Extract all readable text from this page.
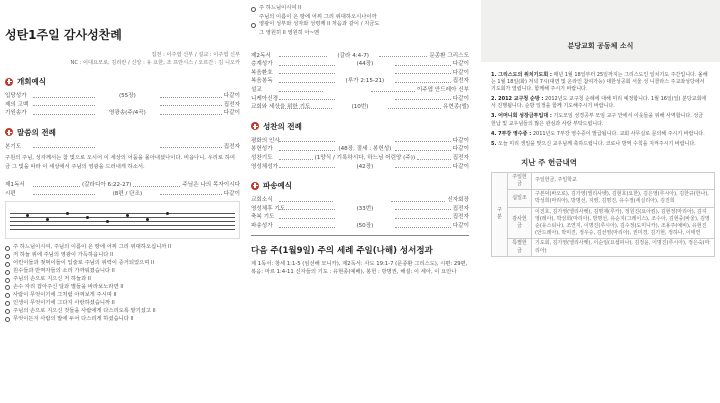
성탄1주일 감사성찬례
집전 : 이주엽 신부 / 설교 : 이주엽 신부
NC : 이대요모로, 김리란 / 신앙 : 유 요한, 조 프란시스 / 오르간 : 김 니오카
개회예식
입당성가	(55장)	다같이
제의 고백	집전자
기원송가	영광송(주/4곡)	다같이
말씀의 전례
본기도	집전자
구원의 주님, 성자께서는 참 빛으로 오시어 이 세상의 어둠을 몰아내셨나이다. 비옵나니, 우리로 하여금 그 빛을 따라 이 세상에서 주님의 영광을 드러내게 하소서.
제1독서	(갈라디아 6:22-27)	주님은 나의 목자이시다
시편	(8편 / 단조)	다같이
주 하느님이시여, 주님의 이름이 온 땅에 어찌 그리 위대하오십니까 ll
저 하늘 위에 주님의 영광이 가득하옵니다 ll
어린이들과 젖먹이들이 입술로 주님의 위력이 증거되었으며 ll
원수들과 반역자들의 소리 가까워졌습니다 ll
주님의 손으로 지으신 저 하늘과 ll
손수 자리 잡아주신 달과 별들을 바라보노라면 ll
사람이 무엇이기에 그처럼 아껴보게 주시며 ll
인생이 무엇이기에 그다지 사랑하셨습니까 ll
주님의 손으로 지으신 것들을 사람에게 다스리도록 맡기셨고 ll
무엇이든지 사람의 발에 두어 다스리게 하셨습니다 ll
주 하느님이시여 ll
주님의 이름이 온 땅에 어찌 그리 위대하오시나이까
영광이 성부와 성자와 성령께 ll 처음과 같이 / 지금도
그 영원히 ll 영원히 아~멘
제2독서	(갈라 4:4-7)	문종환 그리스도
층계성가	(44장)	다같이
복음환호	다같이
복음봉독	(루가 2:15-21)	집전자
설교	이주엽 안드레아 신부
니케아신경	다같이
교회와 세상을 위한 기도	(10번)	유현종(엘)
성찬의 전례
평화의 인사	다같이
봉헌성가	(48장, 절세 : 봉헌성)	다같이
성찬기도	(1양식 / 기록하시다, 하느님 어린양 (주))	집전자
영성체성가	(42장)	다같이
파송예식
교회소식	신자회장
영성체후 기도	(33번)	집전자
축복 기도	집전자
파송성가	(50장)	다같이
다음 주(1월9일) 주의 세례 주일(나해) 성서정과
제 1독서: 창세 1:1-5 (임선해 모니카), 제2독서: 사도 19:1-7 (문종환 그리스도), 시편: 29편, 복음: 마르 1:4-11 신자들의 기도 : 유현종(예배), 봉헌 : 방명권, 해설: 이 세아, 이 요안나
분당교회 공동체 소식

1. 그리스도의 위치기도회 : 매년 1월 18일부터 25일까지는 그리스도인 일치기도 주간입니다. 올해는 1월 18일(화) 저녁 7시(대면 및 온라인 참여가능) 대한성공회 서울 성 니콜라스 주교좌성당에서 기도회가 열립니다. 함께해 주시기 바랍니다.

2. 2012 교구청 순방 : 2012년도 교구청 순례에 대해 미리 예정합니다. 1월 16일(일) 분당교회에서 진행됩니다. 순방 일정을 함께 기도해주시기 바랍니다.

3. 어머니회 성장금투입대 : 기도모임 성경공부 모임 교구 안에서 이웃들을 위해 사역합니다. 성금 헌납 및 교우님들의 많은 관심과 사랑 부탁드립니다.

4. 7부강 영수증 : 2011년도 7부강 영수증이 발급됩니다. 교회 사무실로 문의해 주시기 바랍니다.

5. 오늘 미리 생일을 맞으신 교우님께 축하드립니다. 코로나 방역 수칙을 지켜주시기 바랍니다.

지난 주 헌금내역
구분	주일헌금	주일헌금, 주일학교
	십일조	구본덕(바오로), 김가영(엘리사벳), 김현호(요한), 김은영(루시아), 김한규(한나), 박성희(마리아), 방명선, 지영, 김명진, 유수정(세실리아), 김진희
	감사헌금	이진호, 김가영(엘리사벳), 김명제(루카), 정원진(요아킴), 김현정(마리아), 김지영(레아), 박성희(마리아), 방명선, 유순지(그레이스), 조수아, 김현중(바울), 김영순(유스티나), 조연지, 이명진(루시아), 김수정(도미니카), 조용주(예비), 유현진(안드레아), 박미진, 정우승, 김선영(마리아), 권미경, 김기현, 정하나, 이태연
	특별헌금	기도회, 김가영(엘리사벳), 이순임(요셉피나), 김정윤, 이명진(루시아), 정은숙(마리아)
